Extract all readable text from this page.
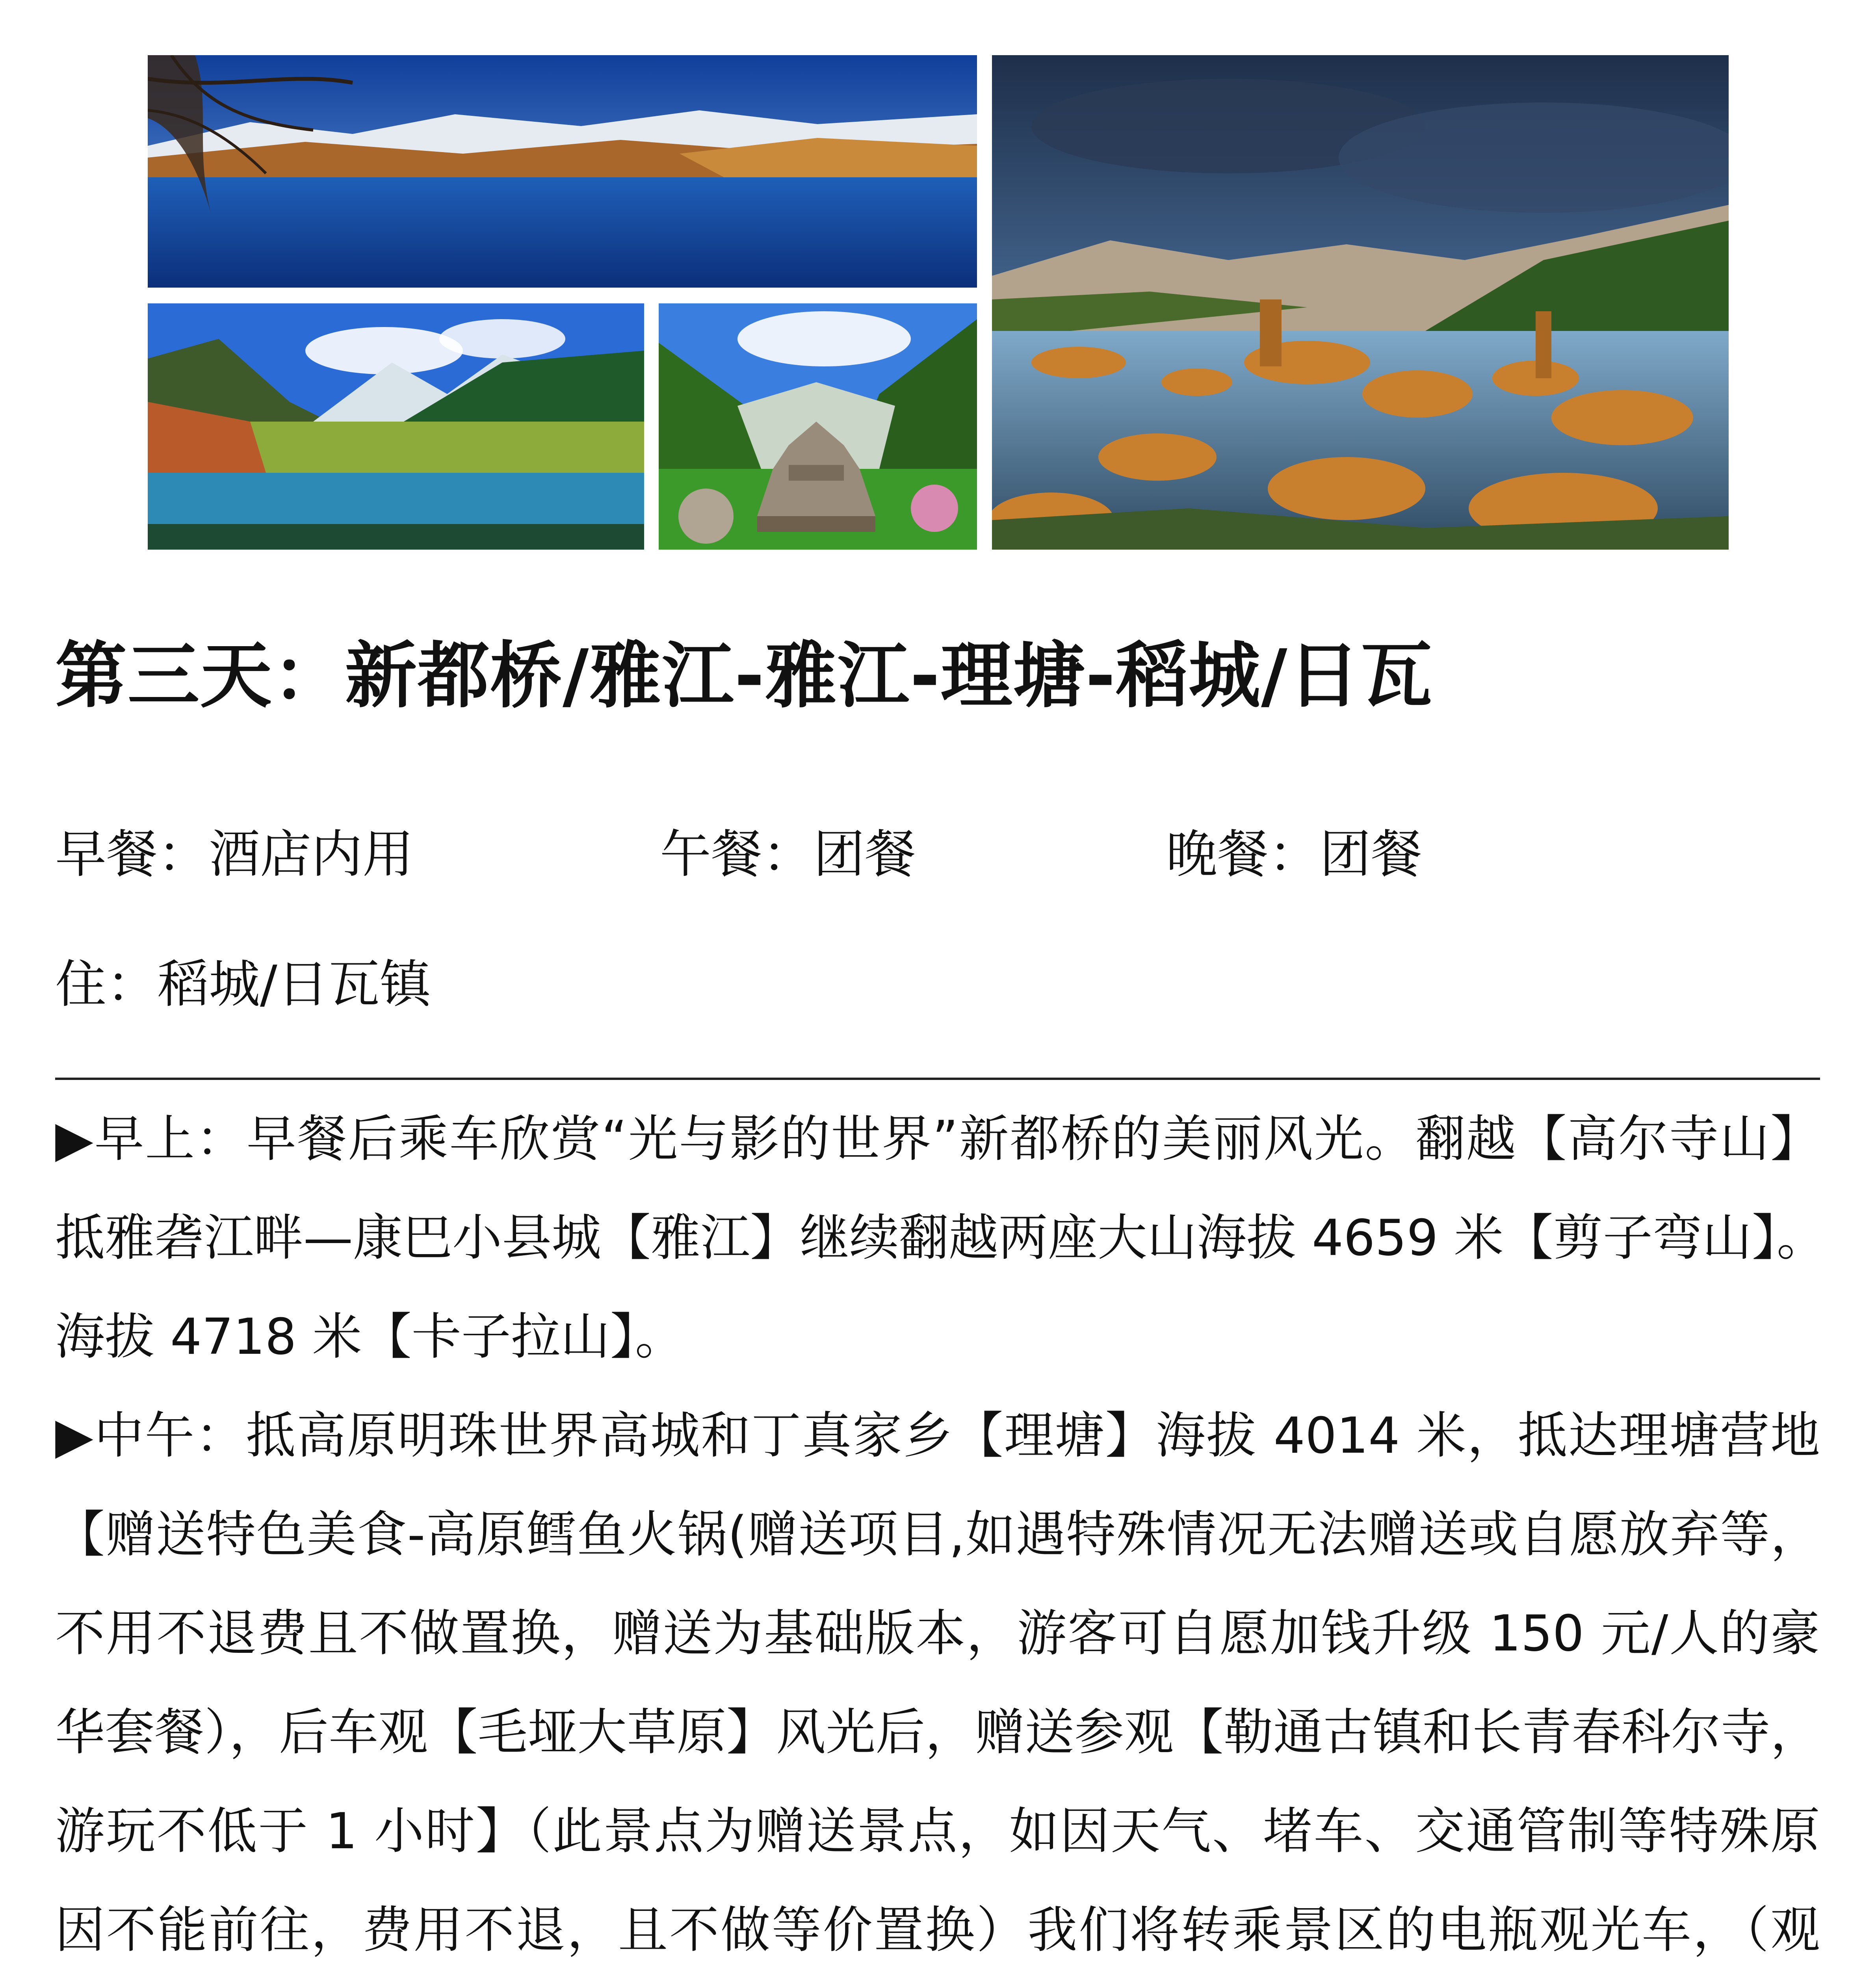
第三天：新都桥/雅江-雅江-理塘-稻城/日瓦
早餐：酒店内用	午餐：团餐	晚餐：团餐
住：稻城/日瓦镇
▶早上：早餐后乘车欣赏“光与影的世界”新都桥的美丽风光。翻越【高尔寺山】
抵雅砻江畔—康巴小县城【雅江】继续翻越两座大山海拔 4659 米【剪子弯山】。
海拔 4718 米【卡子拉山】。
▶中午：抵高原明珠世界高城和丁真家乡【理塘】海拔 4014 米，抵达理塘营地
【赠送特色美食-高原鳕鱼火锅(赠送项目,如遇特殊情况无法赠送或自愿放弃等，
不用不退费且不做置换，赠送为基础版本，游客可自愿加钱升级 150 元/人的豪
华套餐），后车观【毛垭大草原】风光后，赠送参观【勒通古镇和长青春科尔寺，
游玩不低于 1 小时】（此景点为赠送景点，如因天气、堵车、交通管制等特殊原
因不能前往，费用不退，且不做等价置换）我们将转乘景区的电瓶观光车，（观
